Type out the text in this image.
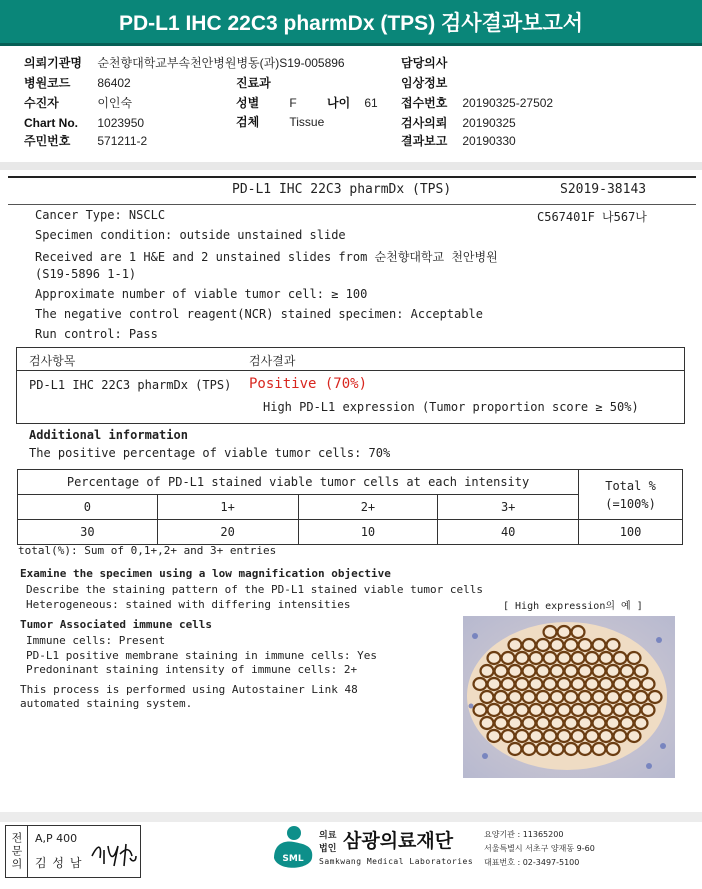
PD-L1 IHC 22C3 pharmDx (TPS) 검사결과보고서
의뢰기관명 순천향대학교부속천안병원병동(과)S19-005896
병원코드 86402	진료과
수진자	이인숙	성별	F	나이 61
Chart No. 1023950	검체	Tissue
주민번호 571211-2
담당의사
임상정보
접수번호 20190325-27502
검사의뢰 20190325
결과보고 20190330
PD-L1 IHC 22C3 pharmDx (TPS)	S2019-38143
C567401F 나567나
Cancer Type: NSCLC
Specimen condition: outside unstained slide
Received are 1 H&E and 2 unstained slides from 순천향대학교 천안병원
(S19-5896 1-1)
Approximate number of viable tumor cell: ≥ 100
The negative control reagent(NCR) stained specimen: Acceptable
Run control: Pass
검사항목	검사결과
PD-L1 IHC 22C3 pharmDx (TPS) Positive (70%)
High PD-L1 expression (Tumor proportion score ≥ 50%)
Additional information
The positive percentage of viable tumor cells: 70%
Percentage of PD-L1 stained viable tumor cells at each intensity				Total %
(=100%)

0	1+	2+	3+	
30	20	10	40	100
total(%): Sum of 0,1+,2+ and 3+ entries
Examine the specimen using a low magnification objective
Describe the staining pattern of the PD-L1 stained viable tumor cells
Heterogeneous: stained with differing intensities	[ High expression의 예 ]
Tumor Associated immune cells
Immune cells: Present
PD-L1 positive membrane staining in immune cells: Yes
Predoninant staining intensity of immune cells: 2+
This process is performed using Autostainer Link 48
automated staining system.
전문의 A,P 400
김 성 남	SML
의료
법인 삼광의료재단
Samkwang Medical Laboratories
요양기관 : 11365200
서울특별시 서초구 양재동 9-60
대표번호 : 02-3497-5100
